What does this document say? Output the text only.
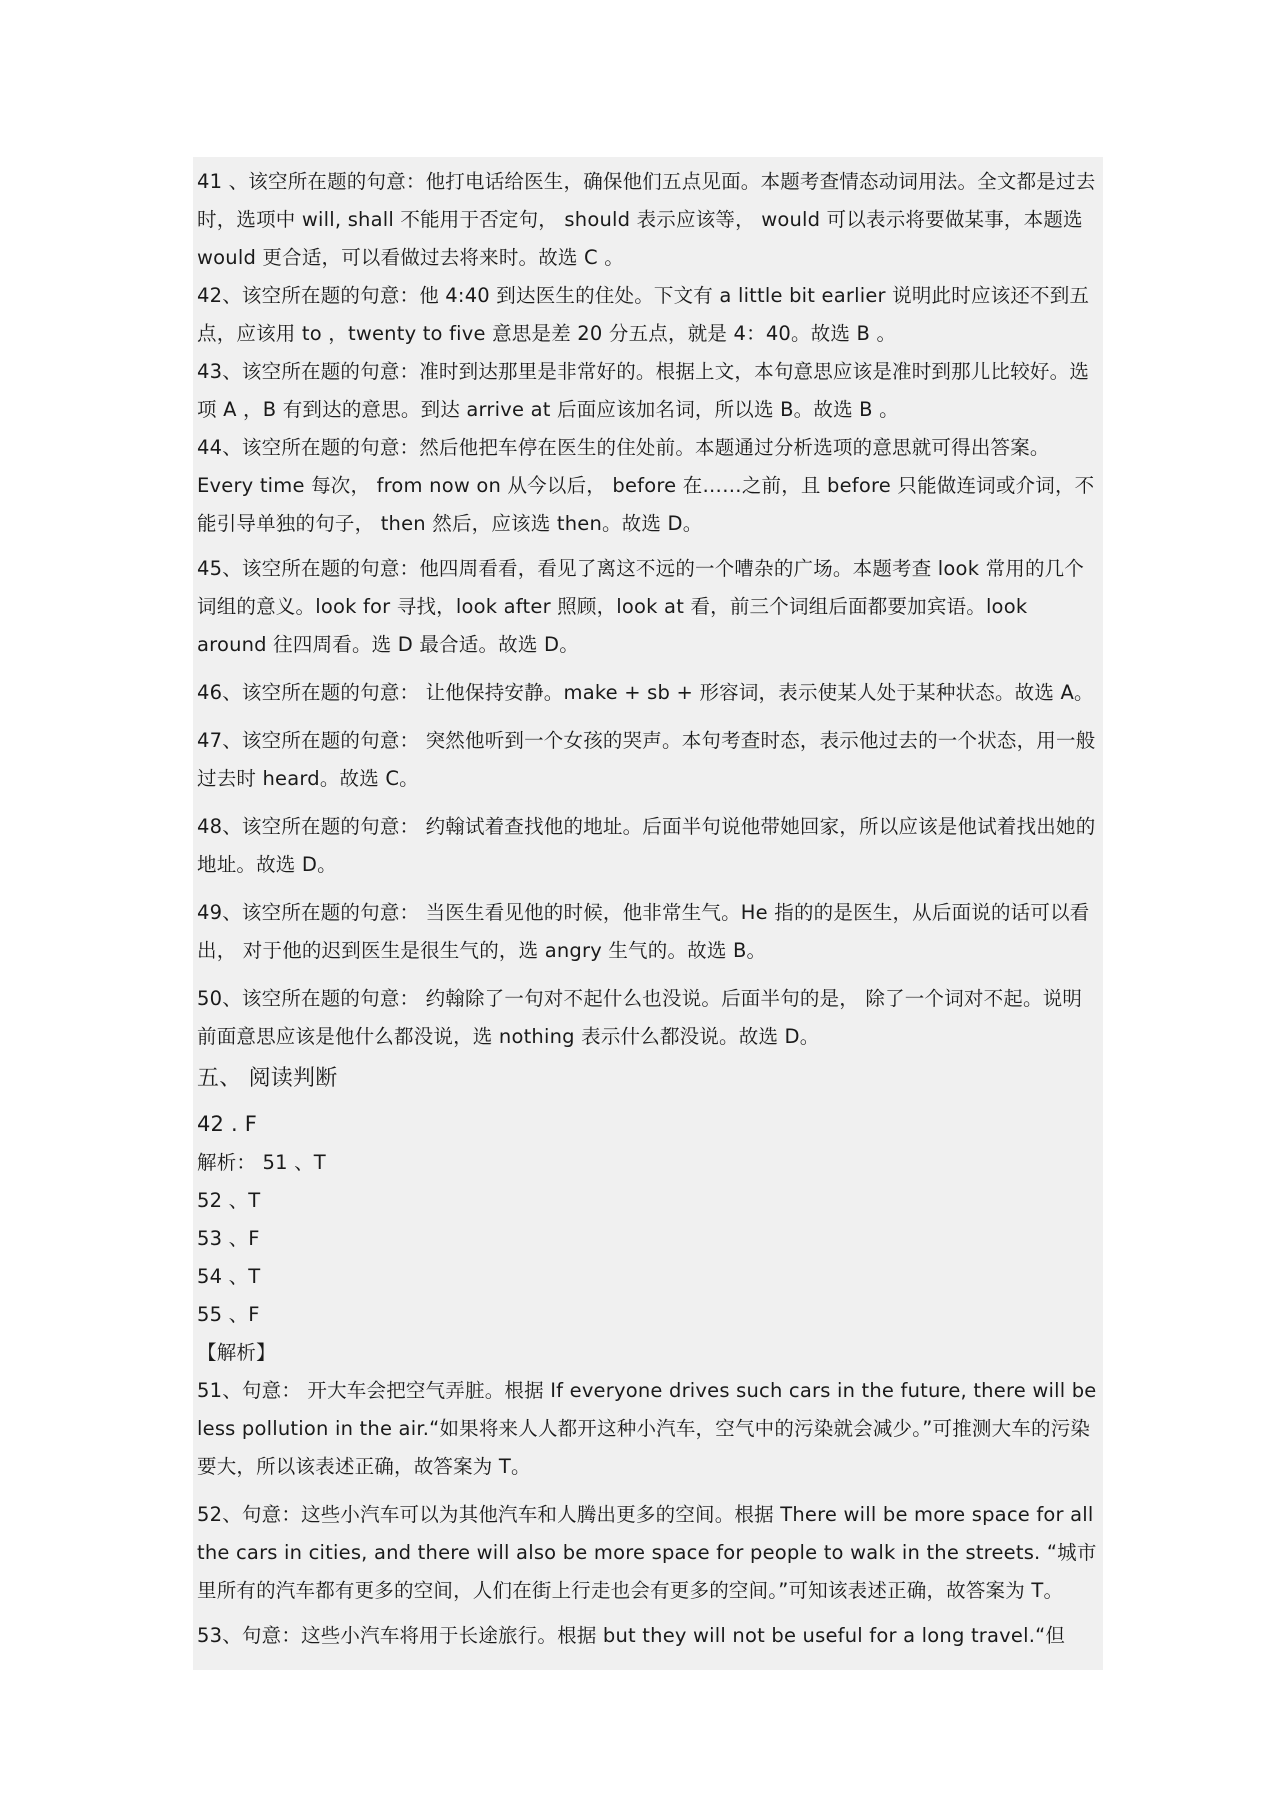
41 、该空所在题的句意：他打电话给医生，确保他们五点见面。本题考查情态动词用法。全文都是过去时，选项中 will, shall 不能用于否定句， should 表示应该等， would 可以表示将要做某事，本题选 would 更合适，可以看做过去将来时。故选 C 。

42、该空所在题的句意：他 4:40 到达医生的住处。下文有 a little bit earlier 说明此时应该还不到五点，应该用 to ，twenty to five 意思是差 20 分五点，就是 4：40。故选 B 。

43、该空所在题的句意：准时到达那里是非常好的。根据上文，本句意思应该是准时到那儿比较好。选项 A ，B 有到达的意思。到达 arrive at 后面应该加名词，所以选 B。故选 B 。

44、该空所在题的句意：然后他把车停在医生的住处前。本题通过分析选项的意思就可得出答案。 Every time 每次， from now on 从今以后， before 在……之前，且 before 只能做连词或介词，不能引导单独的句子， then 然后，应该选 then。故选 D。

45、该空所在题的句意：他四周看看，看见了离这不远的一个嘈杂的广场。本题考查 look 常用的几个词组的意义。look for 寻找，look after 照顾，look at 看，前三个词组后面都要加宾语。look around 往四周看。选 D 最合适。故选 D。

46、该空所在题的句意： 让他保持安静。make + sb + 形容词，表示使某人处于某种状态。故选 A。

47、该空所在题的句意： 突然他听到一个女孩的哭声。本句考查时态，表示他过去的一个状态，用一般过去时 heard。故选 C。

48、该空所在题的句意： 约翰试着查找他的地址。后面半句说他带她回家，所以应该是他试着找出她的地址。故选 D。

49、该空所在题的句意： 当医生看见他的时候，他非常生气。He 指的的是医生，从后面说的话可以看出， 对于他的迟到医生是很生气的，选 angry 生气的。故选 B。

50、该空所在题的句意： 约翰除了一句对不起什么也没说。后面半句的是， 除了一个词对不起。说明前面意思应该是他什么都没说，选 nothing 表示什么都没说。故选 D。

五、 阅读判断

42 . F

解析： 51 、T

52 、T

53 、F

54 、T

55 、F

【解析】

51、句意： 开大车会把空气弄脏。根据 If everyone drives such cars in the future, there will be less pollution in the air.“如果将来人人都开这种小汽车，空气中的污染就会减少。”可推测大车的污染要大，所以该表述正确，故答案为 T。

52、句意：这些小汽车可以为其他汽车和人腾出更多的空间。根据 There will be more space for all the cars in cities, and there will also be more space for people to walk in the streets. “城市里所有的汽车都有更多的空间，人们在街上行走也会有更多的空间。”可知该表述正确，故答案为 T。

53、句意：这些小汽车将用于长途旅行。根据 but they will not be useful for a long travel.“但
